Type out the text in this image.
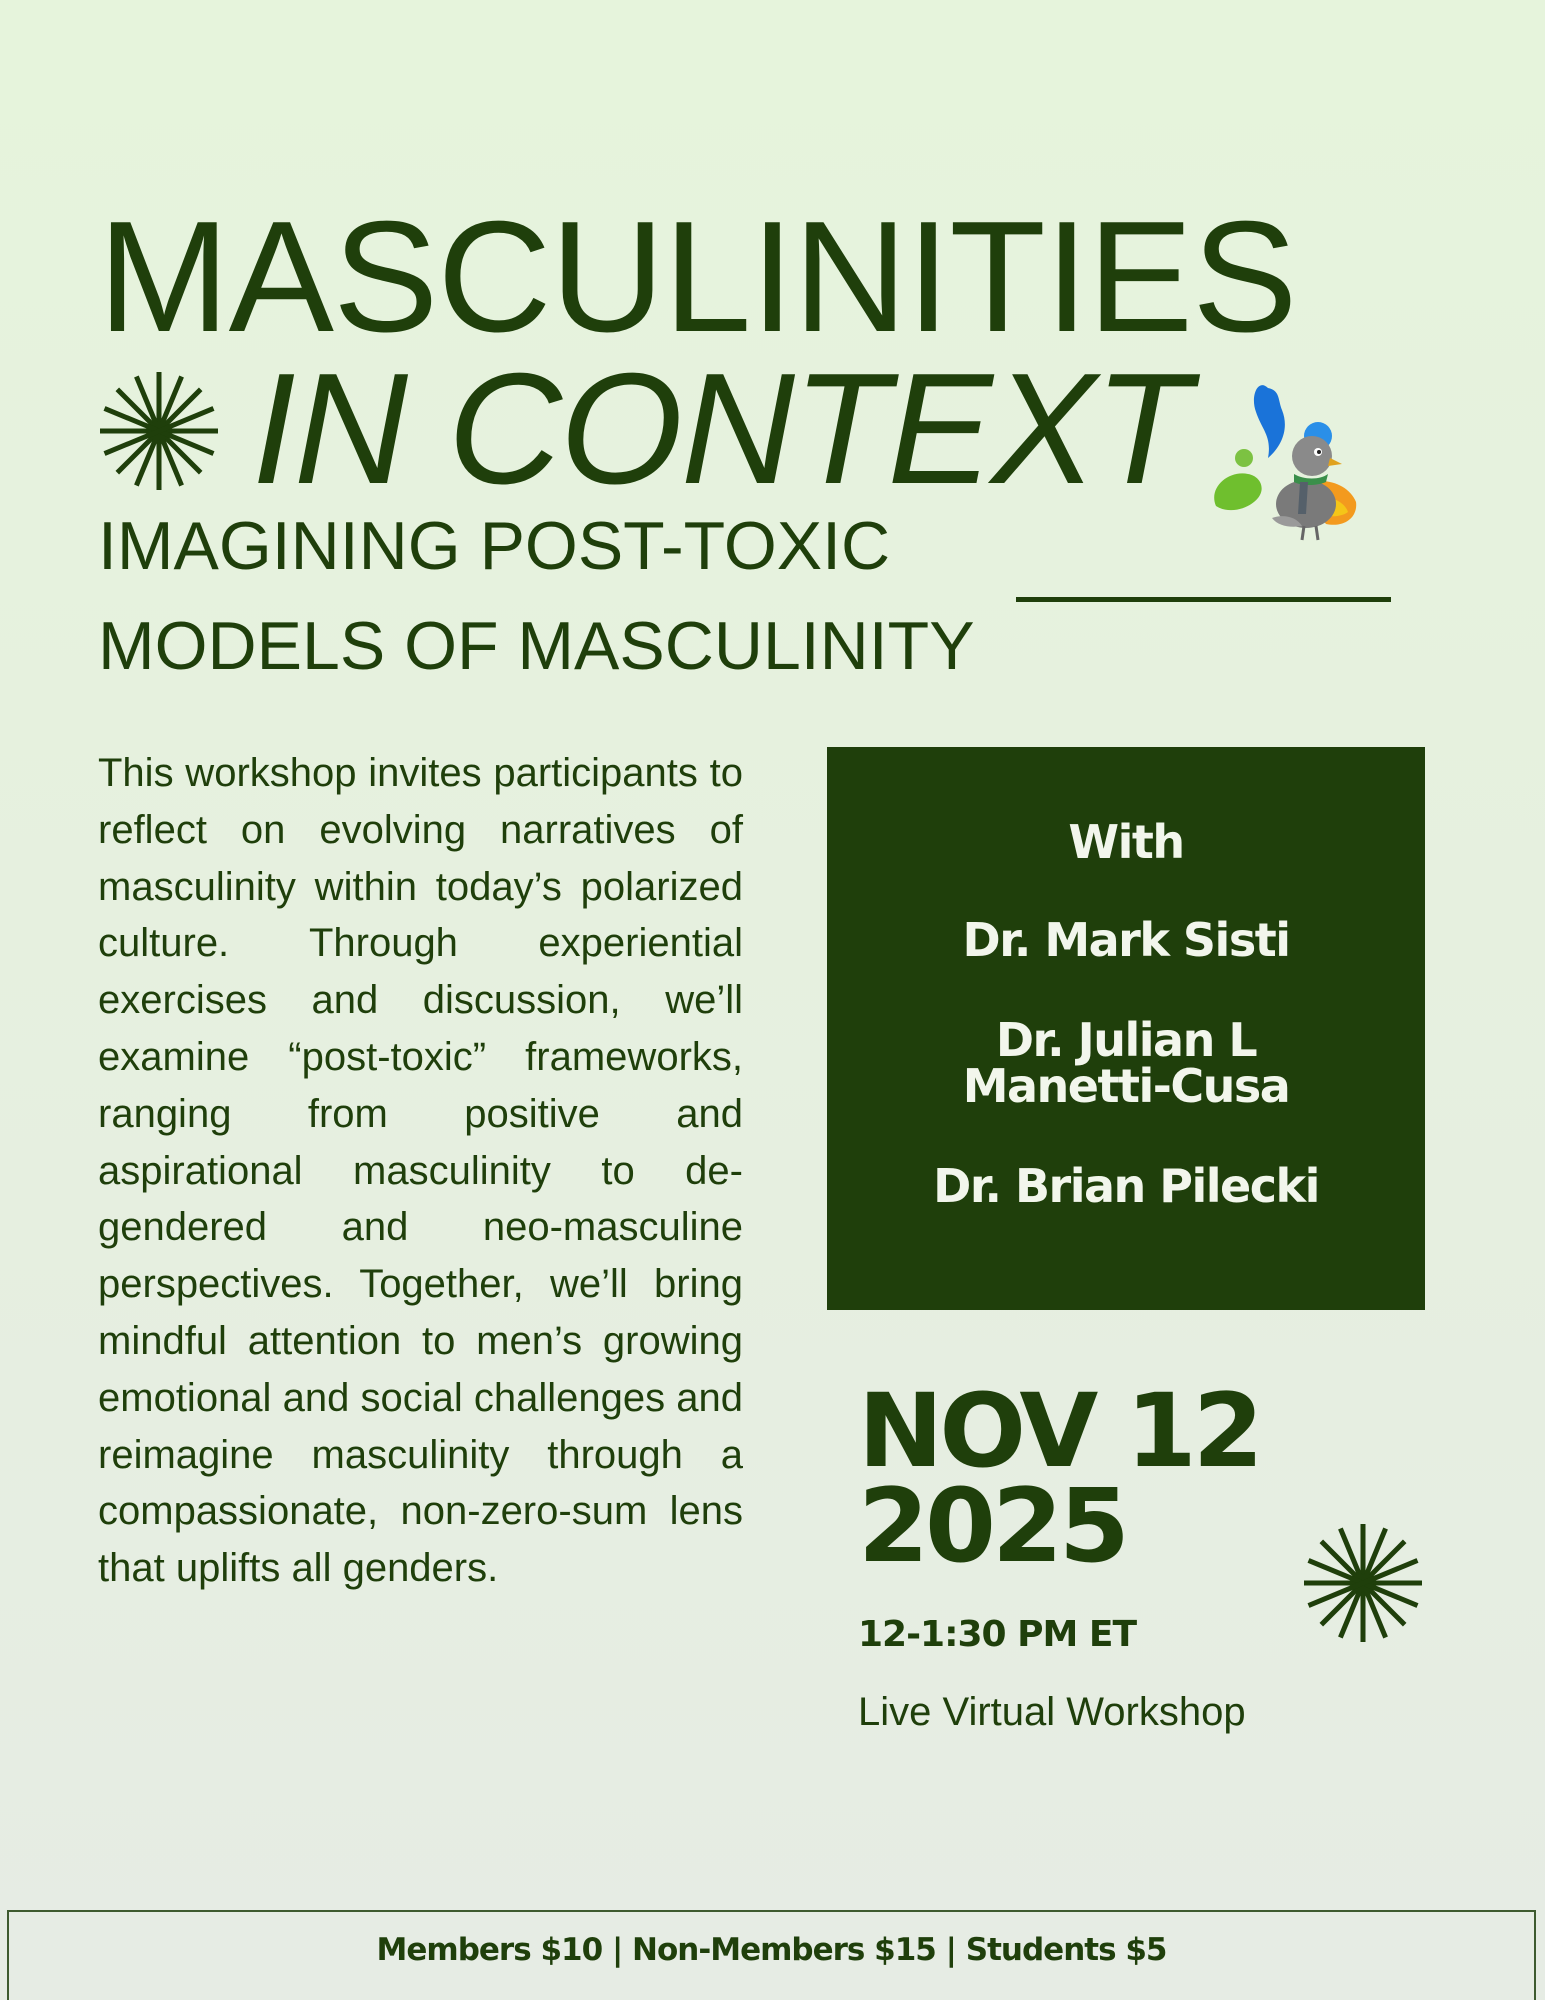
MASCULINITIES
IN CONTEXT
IMAGINING POST-TOXIC
MODELS OF MASCULINITY

This workshop invites participants to reflect on evolving narratives of masculinity within today’s polarized culture. Through experiential exercises and discussion, we’ll examine “post-toxic” frameworks, ranging from positive and aspirational masculinity to de-gendered and neo-masculine perspectives. Together, we’ll bring mindful attention to men’s growing emotional and social challenges and reimagine masculinity through a compassionate, non-zero-sum lens that uplifts all genders.

With
Dr. Mark Sisti
Dr. Julian L
Manetti-Cusa
Dr. Brian Pilecki
NOV 12
2025
12-1:30 PM ET
Live Virtual Workshop
Members $10 | Non-Members $15 | Students $5
